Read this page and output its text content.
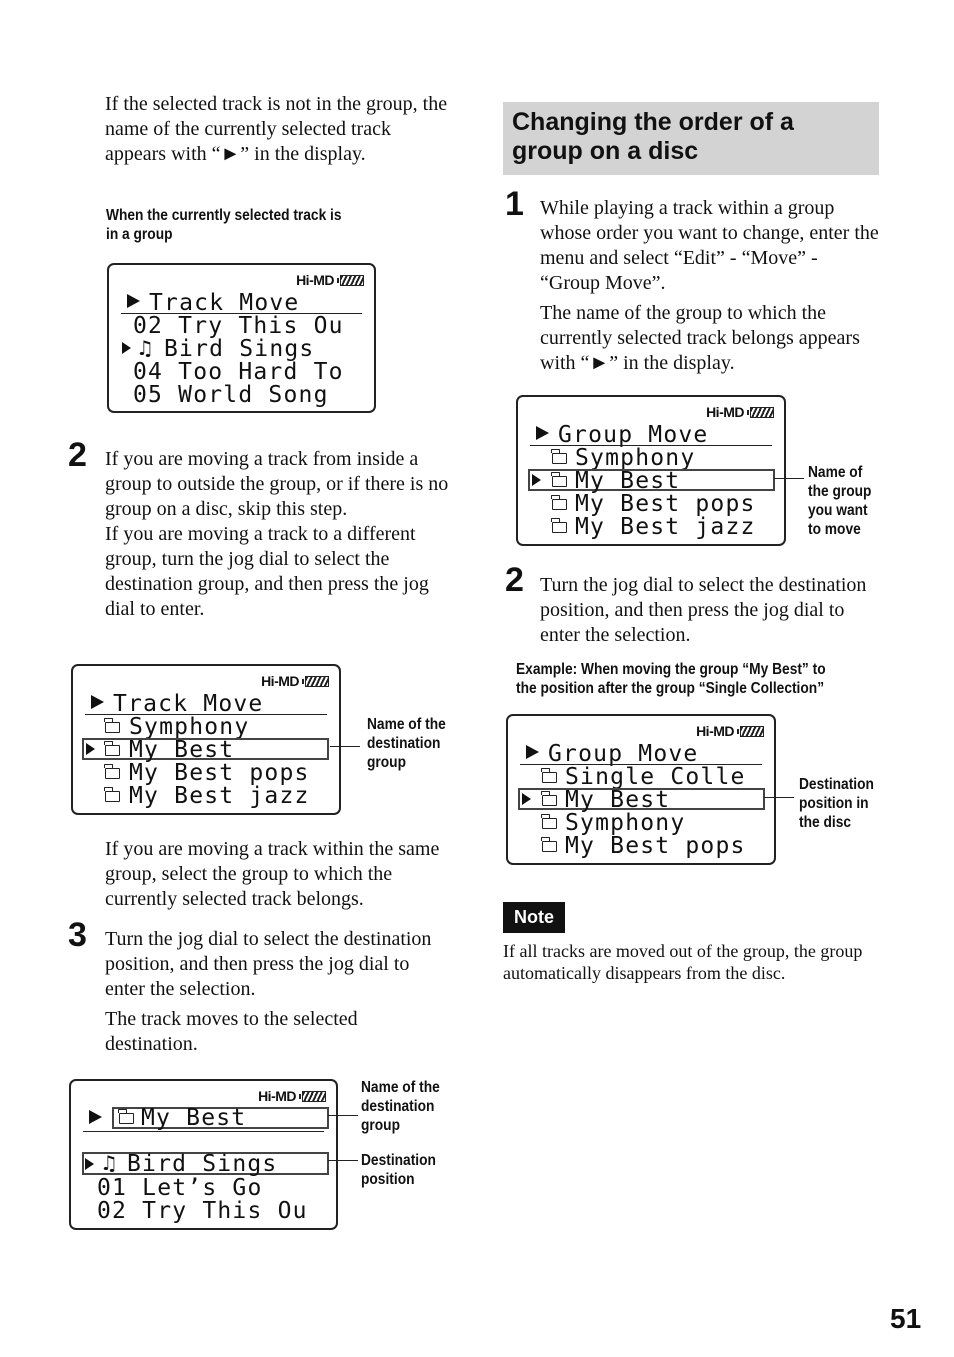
If the selected track is not in the group, the name of the currently selected track appears with “►” in the display.

When the currently selected track is
in a group
Hi-MD
Track Move
02 Try This Ou
♫ Bird Sings
04 Too Hard To
05 World Song
2 If you are moving a track from inside a group to outside the group, or if there is no group on a disc, skip this step.
If you are moving a track to a different group, turn the jog dial to select the destination group, and then press the jog dial to enter.

Hi-MD
Track Move
Symphony
My Best
My Best pops
My Best jazz
Name of the
destination
group

If you are moving a track within the same group, select the group to which the currently selected track belongs.

3 Turn the jog dial to select the destination position, and then press the jog dial to enter the selection.

The track moves to the selected destination.

Hi-MD
My Best
♫ Bird Sings
01 Let’s Go
02 Try This Ou
Name of the
destination
group
Destination
position
Changing the order of a group on a disc
1 While playing a track within a group whose order you want to change, enter the menu and select “Edit” - “Move” - “Group Move”.

The name of the group to which the currently selected track belongs appears with “►” in the display.

Hi-MD
Group Move
Symphony
My Best
My Best pops
My Best jazz
Name of
the group
you want
to move
2 Turn the jog dial to select the destination position, and then press the jog dial to enter the selection.

Example: When moving the group “My Best” to
the position after the group “Single Collection”
Hi-MD
Group Move
Single Colle
My Best
Symphony
My Best pops
Destination
position in
the disc
Note

If all tracks are moved out of the group, the group automatically disappears from the disc.

51
